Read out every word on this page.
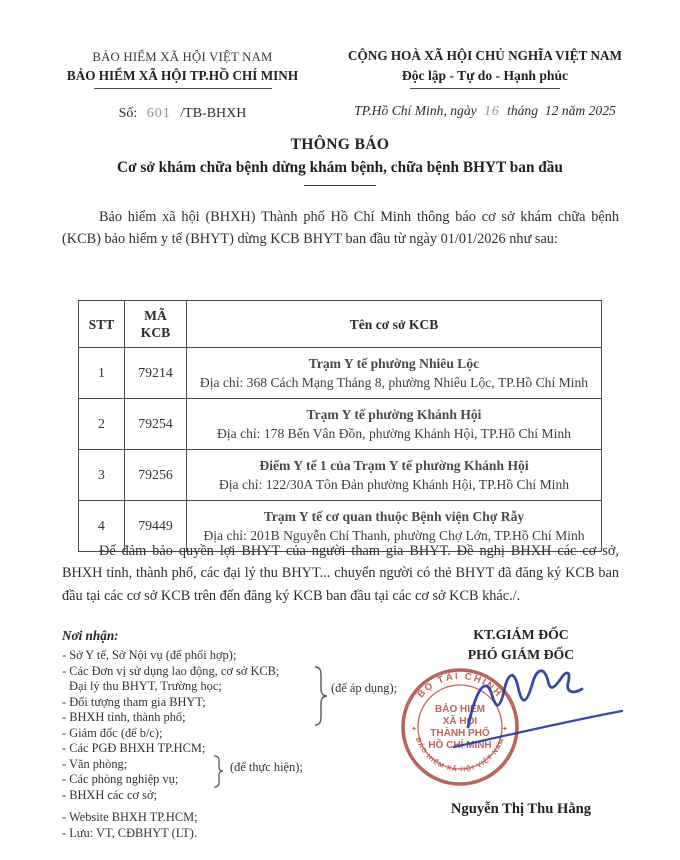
BẢO HIỂM XÃ HỘI VIỆT NAM
BẢO HIỂM XÃ HỘI TP.HỒ CHÍ MINH
Số: 601 /TB-BHXH
CỘNG HOÀ XÃ HỘI CHỦ NGHĨA VIỆT NAM
Độc lập - Tự do - Hạnh phúc
TP.Hồ Chí Minh, ngày 16 tháng  12 năm 2025
THÔNG BÁO
Cơ sở khám chữa bệnh dừng khám bệnh, chữa bệnh BHYT ban đầu

Bảo hiểm xã hội (BHXH) Thành phố Hồ Chí Minh thông báo cơ sở khám chữa bệnh (KCB) bảo hiểm y tế (BHYT) dừng KCB BHYT ban đầu từ ngày 01/01/2026 như sau:

STT	MÃ KCB	Tên cơ sở KCB
1	79214	Trạm Y tế phường Nhiêu Lộc
Địa chỉ: 368 Cách Mạng Tháng 8, phường Nhiêu Lộc, TP.Hồ Chí Minh

2	79254	Trạm Y tế phường Khánh Hội
Địa chỉ: 178 Bến Vân Đồn, phường Khánh Hội, TP.Hồ Chí Minh

3	79256	Điểm Y tế 1 của Trạm Y tế phường Khánh Hội
Địa chỉ: 122/30A Tôn Đản phường Khánh Hội, TP.Hồ Chí Minh

4	79449	Trạm Y tế cơ quan thuộc Bệnh viện Chợ Rẫy
Địa chỉ: 201B Nguyễn Chí Thanh, phường Chợ Lớn, TP.Hồ Chí Minh

Để đảm bảo quyền lợi BHYT của người tham gia BHYT. Đề nghị BHXH các cơ sở, BHXH tỉnh, thành phố, các đại lý thu BHYT... chuyển người có thẻ BHYT đã đăng ký KCB ban đầu tại các cơ sở KCB trên đến đăng ký KCB ban đầu tại các cơ sở KCB khác./.

Nơi nhận:
- Sở Y tế, Sở Nội vụ (để phối hợp);
- Các Đơn vị sử dụng lao động, cơ sở KCB;
Đại lý thu BHYT, Trường học;
- Đối tượng tham gia BHYT;
- BHXH tỉnh, thành phố;
- Giám đốc (để b/c);
- Các PGĐ BHXH TP.HCM;
- Văn phòng;
- Các phòng nghiệp vụ;
- BHXH các cơ sở;
- Website BHXH TP.HCM;
- Lưu: VT, CĐBHYT (LT).
(để áp dụng);
(để thực hiện);
KT.GIÁM ĐỐC
PHÓ GIÁM ĐỐC
BỘ TÀI CHÍNH
BẢO HIỂM XÃ HỘI VIỆT NAM
✦	✦
BẢO HIỂM
XÃ HỘI
THÀNH PHỐ
HỒ CHÍ MINH
Nguyễn Thị Thu Hằng
